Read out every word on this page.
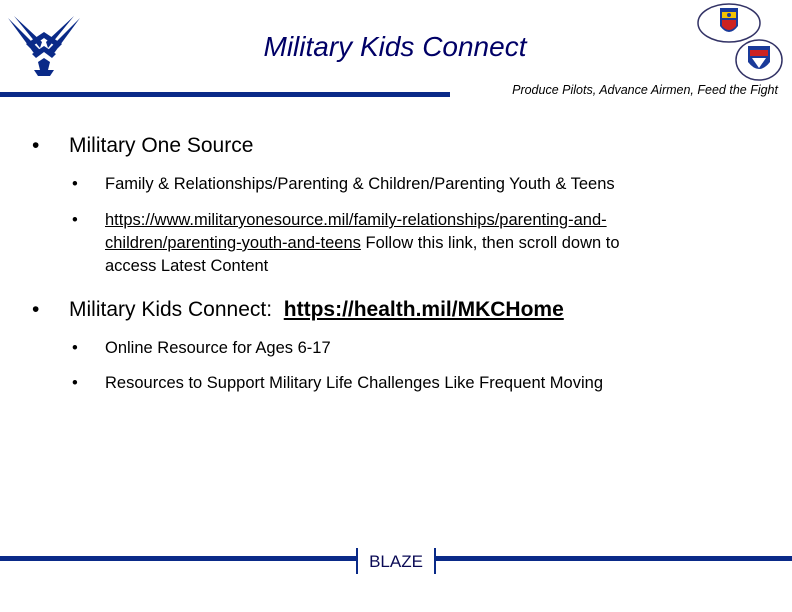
Military Kids Connect
Produce Pilots, Advance Airmen, Feed the Fight
• Military One Source
• Family & Relationships/Parenting & Children/Parenting Youth & Teens
• https://www.militaryonesource.mil/family-relationships/parenting-and-
children/parenting-youth-and-teens Follow this link, then scroll down to
access Latest Content
• Military Kids Connect:  https://health.mil/MKCHome
• Online Resource for Ages 6-17
• Resources to Support Military Life Challenges Like Frequent Moving
BLAZE
